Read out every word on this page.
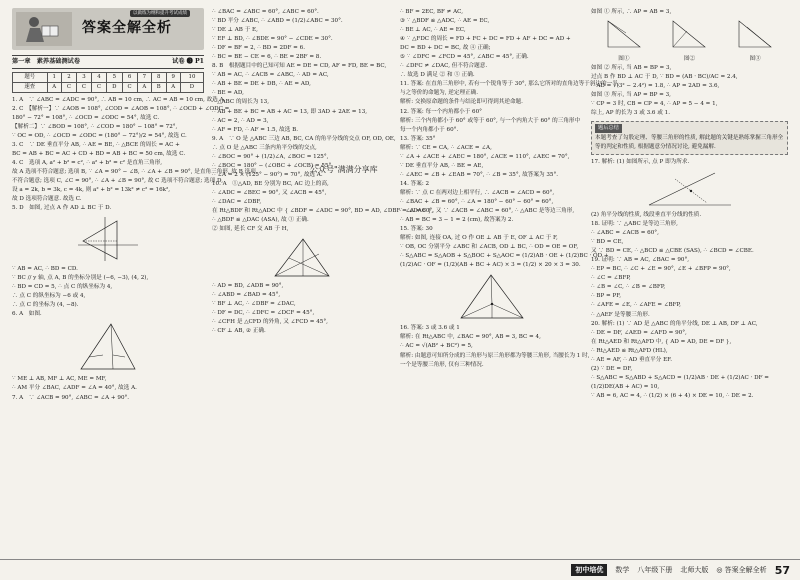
以做练为纲和提升考试成绩
答案全解全析
第一章　素养基础测试卷	试卷 ❸ P1
题号	1	2	3	4	5	6	7	8	9	10
速查	A	C	C	C	D	C	A	B	A	D
1. A　∵ ∠ABC = ∠ADC = 90°, ∴ AB = 10 cm, ∴ AC = AB = 10 cm, 故选 A.
2. C　【解析一】∵ ∠AOB = 108°, ∠COD = ∠AOB = 108°, ∴ ∠OCD + ∠ODC =
180° − 72° = 108°, ∴ ∠OCD = ∠ODC = 54°, 故选 C.
【解析二】∵ ∠BOD = 108°, ∴ ∠COD = 180° − 108° = 72°,
∵ OC = OD, ∴ ∠OCD = ∠ODC = (180° − 72°)/2 = 54°, 故选 C.
3. C　∵ DE 垂直平分 AB, ∴ AE = BE, ∴ △BCE 的周长 = AC +
BC = AB + BC = AC + CD + BD = AB + BC = 50 cm, 故选 C.
4. C　选项 A, a² + b² = c², ∴ a² + b² = c² 是直角三角形,
故 A 选项不符合题意; 选项 B, ∵ ∠A = 90° − ∠B, ∴ ∠A + ∠B = 90°, 是直角三角形, 故 B 选项
不符合题意; 选项 C, ∠C = 90°, ∴ ∠A + ∠B = 90°, 故 C 选项不符合题意; 选项 D,
设 a = 2k, b = 3k, c = 4k, 则 a² + b² = 13k² ≠ c² = 16k²,
故 D 选项符合题意. 故选 C.
5. D　如图, 过点 A 作 AD ⊥ BC 于 D.
∵ AB = AC, ∴ BD = CD.
∵ BC // y 轴, 点 A, B 的坐标分别是 (−6, −3), (4, 2),
∴ BD = CD = 5, ∴ 点 C 的纵坐标为 4,
∴ 点 C 的纵坐标为 −6 或 4,
∴ 点 C 的坐标为 (4, −8).
6. A　如图.
∵ ME ⊥ AB, MF ⊥ AC, ME = MF,
∴ AM 平分 ∠BAC, ∠ADF = ∠A = 40°, 故选 A.
7. A　∵ ∠ACB = 90°, ∠ABC = ∠A + 90°.
∴ ∠BAC = ∠ABC = 60°, ∠ABC = 60°.
∵ BD 平分 ∠ABC, ∴ ∠ABD = (1/2)∠ABC = 30°.
∵ DE ⊥ AB 于 E,
∵ EF ⊥ BD, ∴ ∠BDE = 90° − ∠CDE = 30°.
∴ DF = BF = 2, ∴ BD = 2DF = 6.
∴ BC = BE − CE = 6, ∴ BE = 2BF = 8.
8. B　根据题目中的已知可知 AE = DE = CD, AF = FD, BE = BC,
∵ AB = AC, ∴ ∠ACB = ∠ABC, ∴ AD = AC,
∴ AB + BE = DE + DB, ∴ AE = AD,
∴ BE = AD,
∴ △ABC 的周长为 13,
∴ AB + BE + BC = AB + AC = 13, 即 3AD + 2AE = 13,
∴ AC = 2, ∴ AD = 3,
∴ AF = FD, ∴ AF = 1.5, 故选 B.
9. A　∵ O 是 △ABC 三边 AB, BC, CA 的角平分线的交点 OF, OD, OE,
∴ 点 O 是 △ABC 三条内角平分线的交点,
∴ ∠BOC = 90° + (1/2)∠A, ∠BOC = 125°,
∴ ∠BOC = 180° − (∠OBC + ∠OCB) = 55°,
∴ ∠A = 2 × (125° − 90°) = 70°, 故选 A.
10. A　①△AD, BE 分别为 BC, AC 边上的高,
∴ ∠ADC = ∠BEC = 90°, 又 ∠ACB = 45°,
∴ ∠DAC = ∠DBF,
在 Rt△BDF 和 Rt△ADC 中 { ∠BDF = ∠ADC = 90°, BD = AD, ∠DBF = ∠DAC },
∴ △BDF ≌ △DAC (ASA), 故 ① 正确.
② 如图, 延长 CF 交 AB 于 H,
∴ AD = BD, ∠ADB = 90°,
∴ ∠ABD = ∠BAD = 45°,
∵ BF ⊥ AC, ∴ ∠DBF = ∠DAC,
∴ DF = DC, ∴ ∠DFC = ∠DCF = 45°,
∴ ∠CFH 是 △CFD 的外角, 又 ∠FCD = 45°,
∴ CF ⊥ AB, ② 正确.
公众号"满满分享库
∴ BF = 2EC, BF ≠ AC,
③ ∵ △BDF ≌ △ADC, ∴ AE = EC,
∴ BE ⊥ AC, ∴ AE = EC,
④ ∵ △FDC 的周长 = FD + FC + DC = FD + AF + DC = AD +
DC = BD + DC = BC, 故 ④ 正确;
⑤ ∵ ∠DFC = ∠FCD = 45°, ∠ABC = 45°, 正确.
∴ ∠DFC ≠ ∠DAC, 但不符合题意.
∴ 故选 D 满足 ② 和 ⑤ 正确.
11. 答案: 在直角三角形中, 若有一个锐角等于 30°, 那么它所对的直角边等于斜边的一半,
与之等价的命题为, 逆定理正确.
解析: 交换原命题的条件与结论即可得到其逆命题.
12. 答案: 每一个内角都小于 60°
解析: 三个内角都小于 60° 或等于 60°, 与一个内角大于 60° 的三角形中
每一个内角都小于 60°.
13. 答案: 35°
解析: ∵ CE = CA, ∴ ∠ACE = ∠A,
∵ ∠A + ∠ACE + ∠AEC = 180°, ∠ACE = 110°, ∠AEC = 70°,
∵ DE 垂直平分 AB, ∴ BE = AE,
∴ ∠AEC = ∠B + ∠EAB = 70°, ∴ ∠B = 35°, 故答案为 35°.
14. 答案: 2
解析: ∵ 点 C 在两对边上相平行, ∴ ∠ACB = ∠ACD = 60°,
∴ ∠BAC + ∠B = 60°, ∴ ∠A = 180° − 60° − 60° = 60°,
∴ ∠A = 60°, 又 ∵ ∠ACB = ∠ABC = 60°, ∴ △ABC 是等边三角形,
∴ AB = BC = 3 − 1 = 2 (cm), 故答案为 2.
15. 答案: 30
解析: 如图, 连接 OA, 过 O 作 OE ⊥ AB 于 E, OF ⊥ AC 于 F,
∵ OB, OC 分别平分 ∠ABC 和 ∠ACB, OD ⊥ BC, ∴ OD = OE = OF,
∴ S△ABC = S△AOB + S△BOC + S△AOC = (1/2)AB · OE + (1/2)BC · OD +
(1/2)AC · OF = (1/2)(AB + BC + AC) × 3 = (1/2) × 20 × 3 = 30.
16. 答案: 3 或 3.6 或 1
解析: 在 Rt△ABC 中, ∠BAC = 90°, AB = 3, BC = 4,
∴ AC = √(AB² + BC²) = 5,
解析: 由题意可知所分成的三角形与原三角形都为等腰三角形, 当腰长为 1 时,
一个是等腰三角形, 仅有三种情况.
如图 ① 所示, ∴ AP = AB = 3,
图①	图②	图③
如图 ② 所示, 当 AB = BP = 3,
过点 B 作 BD ⊥ AC 于 D, ∵ BD = (AB · BC)/AC = 2.4,
∴ AD = √(3² − 2.4²) = 1.8, ∴ AP = 2AD = 3.6,
如图 ③ 所示, 当 AP = BP = 3,
∵ CP = 3 时, CB = CP = 4, ∴ AP = 5 − 4 = 1,
综上, AP 的长为 3 或 3.6 或 1.
题后总结
本题考查了勾股定理、等腰三角形的性质, 解此题的关键是熟练掌握三角形全等的判定和性质, 根据题意分情况讨论, 避免漏解.
17. 解析: (1) 如图所示, 点 P 即为所求.
(2) 角平分线的性质, 线段垂直平分线的性质.
18. 证明: ∵ △ABC 是等边三角形,
∴ ∠ABC = ∠ACB = 60°,
∵ BD = CE,
又 ∵ BD = CE, ∴ △BCD ≌ △CBE (SAS), ∴ ∠BCD = ∠CBE.
19. 证明: ∵ AB = AC, ∠BAC = 90°,
∴ EP = BC, ∴ ∠C + ∠E = 90°, ∠E + ∠BFP = 90°,
∴ ∠C = ∠BFP,
∴ ∠B = ∠C, ∴ ∠B = ∠BFP,
∴ BP = PF,
∴ ∠AFE = ∠E, ∴ ∠AFE = ∠BFP,
∴ △AEF 是等腰三角形.
20. 解析: (1) ∵ AD 是 △ABC 的角平分线, DE ⊥ AB, DF ⊥ AC,
∴ DE = DF, ∠AED = ∠AFD = 90°,
在 Rt△AED 和 Rt△AFD 中, { AD = AD, DE = DF },
∴ Rt△AED ≌ Rt△AFD (HL),
∴ AE = AF, ∴ AD 垂直平分 EF.
(2) ∵ DE = DF,
∴ S△ABC = S△ABD + S△ACD = (1/2)AB · DE + (1/2)AC · DF =
(1/2)DE(AB + AC) = 10,
∵ AB = 6, AC = 4, ∴ (1/2) × (6 + 4) × DE = 10, ∴ DE = 2.
初中培优	数学 八年级下册 北师大版 ◎ 答案全解全析 57
